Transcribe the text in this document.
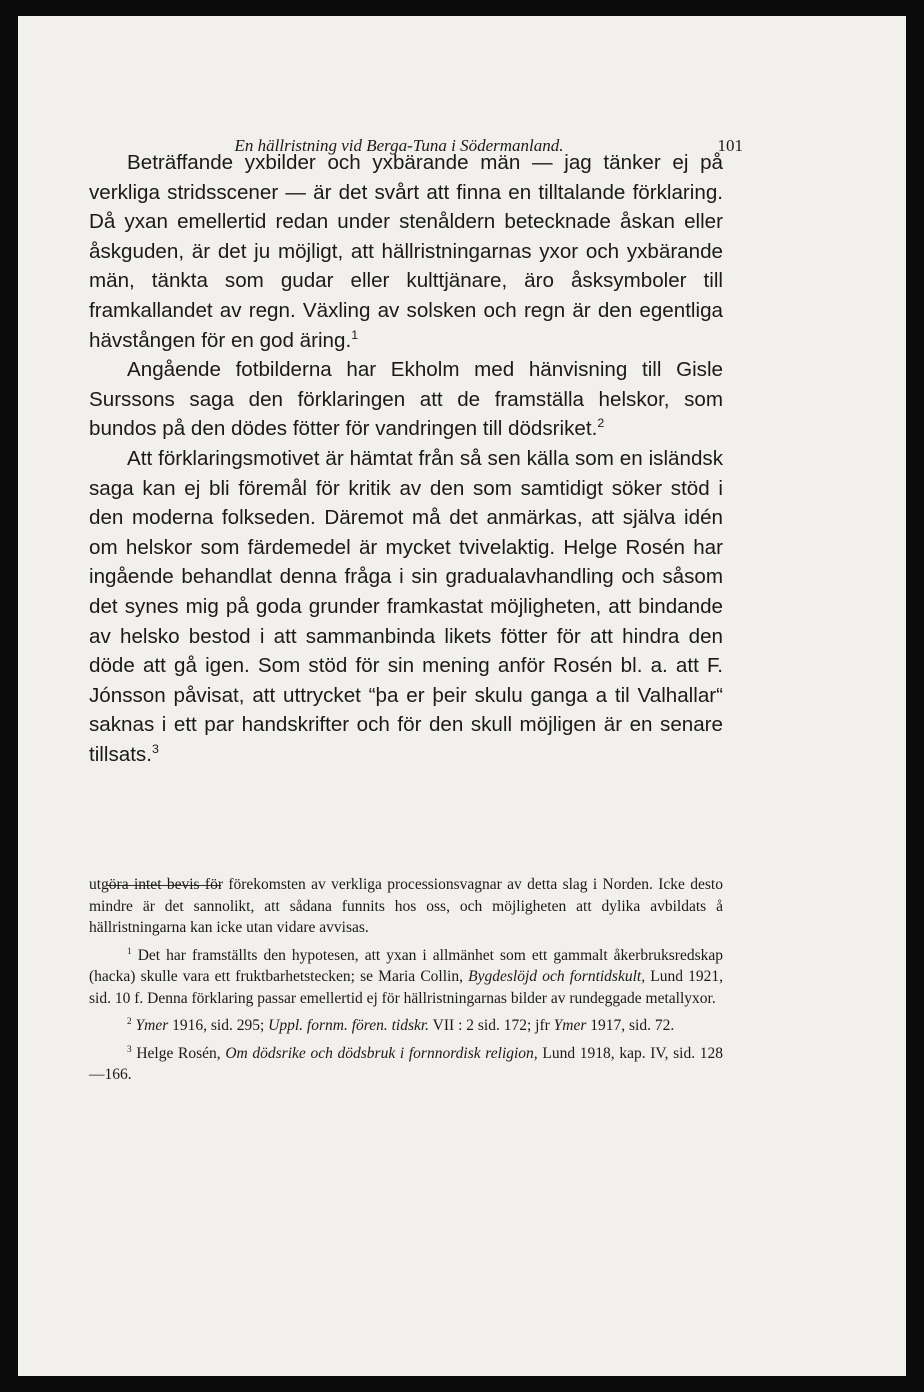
En hällristning vid Berga-Tuna i Södermanland.	101

Beträffande yxbilder och yxbärande män — jag tänker ej på verkliga stridsscener — är det svårt att finna en tilltalande förklaring. Då yxan emellertid redan under stenåldern betecknade åskan eller åskguden, är det ju möjligt, att hällristningarnas yxor och yxbärande män, tänkta som gudar eller kulttjänare, äro åsksymboler till framkallandet av regn. Växling av solsken och regn är den egentliga hävstången för en god äring.$^1$

Angående fotbilderna har Ekholm med hänvisning till Gisle Surssons saga den förklaringen att de framställa helskor, som bundos på den dödes fötter för vandringen till dödsriket.$^2$

Att förklaringsmotivet är hämtat från så sen källa som en isländsk saga kan ej bli föremål för kritik av den som samtidigt söker stöd i den moderna folkseden. Däremot må det anmärkas, att själva idén om helskor som färdemedel är mycket tvivelaktig. Helge Rosén har ingående behandlat denna fråga i sin gradualavhandling och såsom det synes mig på goda grunder framkastat möjligheten, att bindande av helsko bestod i att sammanbinda likets fötter för att hindra den döde att gå igen. Som stöd för sin mening anför Rosén bl. a. att F. Jónsson påvisat, att uttrycket “þa er þeir skulu ganga a til Valhallar“ saknas i ett par handskrifter och för den skull möjligen är en senare tillsats.$^3$

utgöra intet bevis för förekomsten av verkliga processionsvagnar av detta slag i Norden. Icke desto mindre är det sannolikt, att sådana funnits hos oss, och möjligheten att dylika avbildats å hällristningarna kan icke utan vidare avvisas.

$^1$ Det har framställts den hypotesen, att yxan i allmänhet som ett gammalt åkerbruksredskap (hacka) skulle vara ett fruktbarhetstecken; se Maria Collin, Bygdeslöjd och forntidskult, Lund 1921, sid. 10 f. Denna förklaring passar emellertid ej för hällristningarnas bilder av rundeggade metallyxor.

$^2$ Ymer 1916, sid. 295; Uppl. fornm. fören. tidskr. VII : 2 sid. 172; jfr Ymer 1917, sid. 72.

$^3$ Helge Rosén, Om dödsrike och dödsbruk i fornnordisk religion, Lund 1918, kap. IV, sid. 128—166.
